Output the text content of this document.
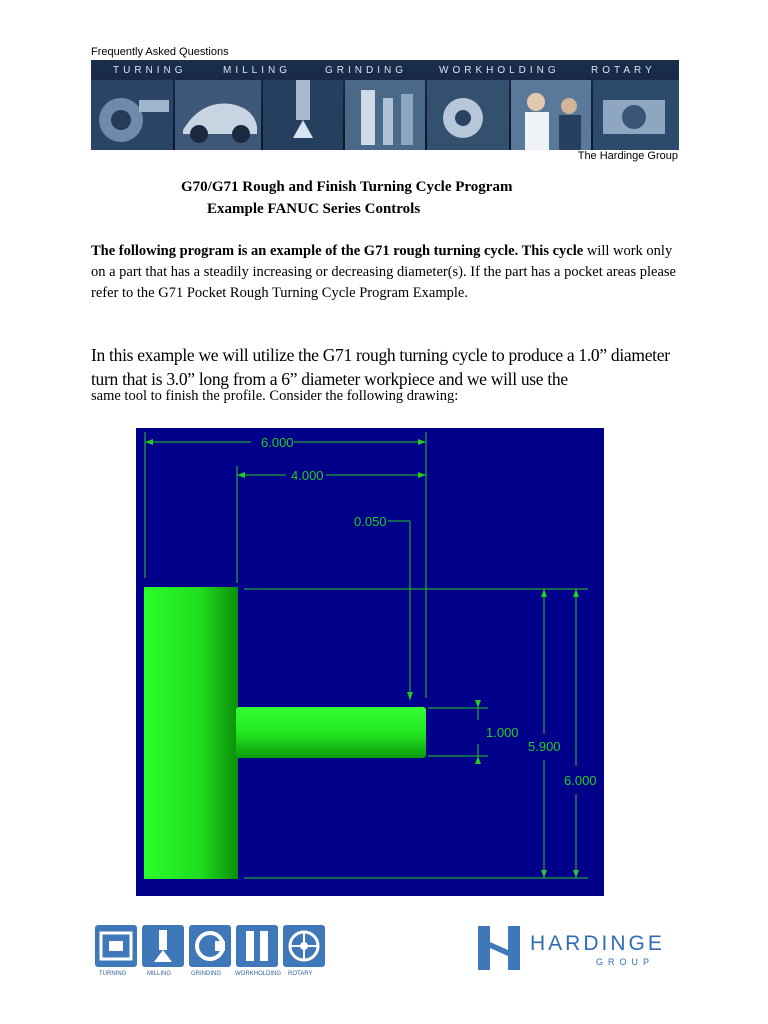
Frequently Asked Questions
TURNING	MILLING	GRINDING	WORKHOLDING	ROTARY
The Hardinge Group
G70/G71 Rough and Finish Turning Cycle Program
Example FANUC Series Controls
The following program is an example of the G71 rough turning cycle. This cycle will work only on a part that has a steadily increasing or decreasing diameter(s). If the part has a pocket areas please refer to the G71 Pocket Rough Turning Cycle Program Example.
In this example we will utilize the G71 rough turning cycle to produce a 1.0” diameter turn that is 3.0” long from a 6” diameter workpiece and we will use the
same tool to finish the profile. Consider the following drawing:
6.000
4.000
0.050
1.000
5.900
6.000
TURNING	MILLING	GRINDING WORKHOLDING ROTARY
HARDINGE
GROUP
